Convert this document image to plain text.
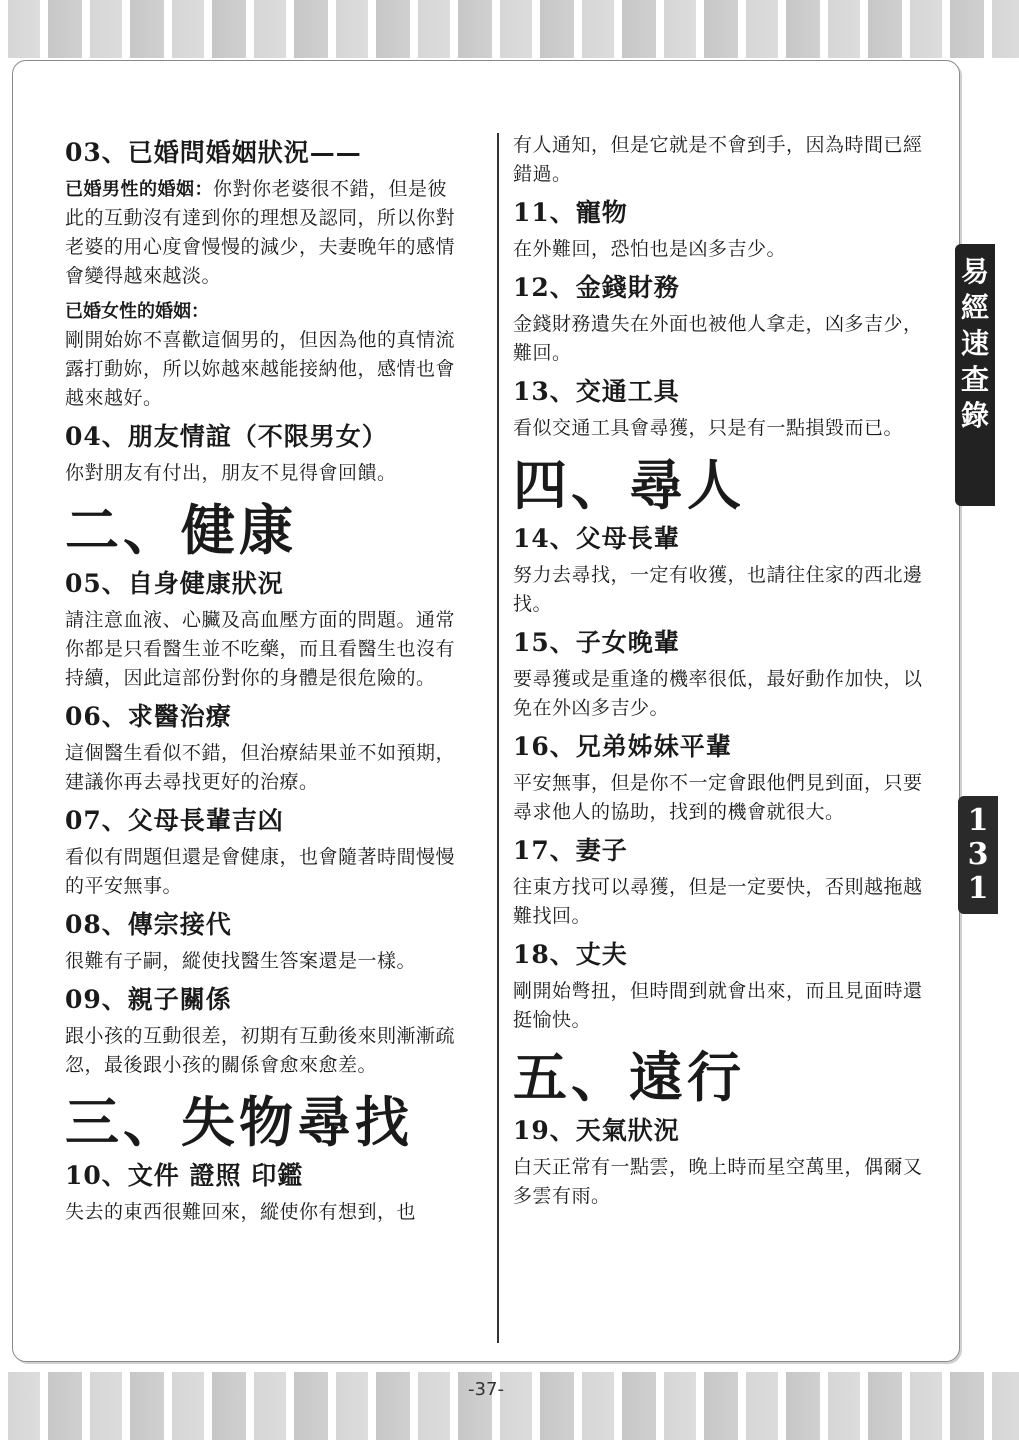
03、已婚問婚姻狀況——
已婚男性的婚姻：你對你老婆很不錯，但是彼此的互動沒有達到你的理想及認同，所以你對老婆的用心度會慢慢的減少，夫妻晚年的感情會變得越來越淡。
已婚女性的婚姻：
剛開始妳不喜歡這個男的，但因為他的真情流露打動妳，所以妳越來越能接納他，感情也會越來越好。
04、朋友情誼（不限男女）
你對朋友有付出，朋友不見得會回饋。
二、健康
05、自身健康狀況
請注意血液、心臟及高血壓方面的問題。通常你都是只看醫生並不吃藥，而且看醫生也沒有持續，因此這部份對你的身體是很危險的。
06、求醫治療
這個醫生看似不錯，但治療結果並不如預期，建議你再去尋找更好的治療。
07、父母長輩吉凶
看似有問題但還是會健康，也會隨著時間慢慢的平安無事。
08、傳宗接代
很難有子嗣，縱使找醫生答案還是一樣。
09、親子關係
跟小孩的互動很差，初期有互動後來則漸漸疏忽，最後跟小孩的關係會愈來愈差。
三、失物尋找
10、文件 證照 印鑑
失去的東西很難回來，縱使你有想到，也
有人通知，但是它就是不會到手，因為時間已經錯過。
11、寵物
在外難回，恐怕也是凶多吉少。
12、金錢財務
金錢財務遺失在外面也被他人拿走，凶多吉少，難回。
13、交通工具
看似交通工具會尋獲，只是有一點損毀而已。
四、尋人
14、父母長輩
努力去尋找，一定有收獲，也請往住家的西北邊找。
15、子女晚輩
要尋獲或是重逢的機率很低，最好動作加快，以免在外凶多吉少。
16、兄弟姊妹平輩
平安無事，但是你不一定會跟他們見到面，只要尋求他人的協助，找到的機會就很大。
17、妻子
往東方找可以尋獲，但是一定要快，否則越拖越難找回。
18、丈夫
剛開始彆扭，但時間到就會出來，而且見面時還挺愉快。
五、遠行
19、天氣狀況
白天正常有一點雲，晚上時而星空萬里，偶爾又多雲有雨。
-37-
易
經
速
查
錄
1
3
1
